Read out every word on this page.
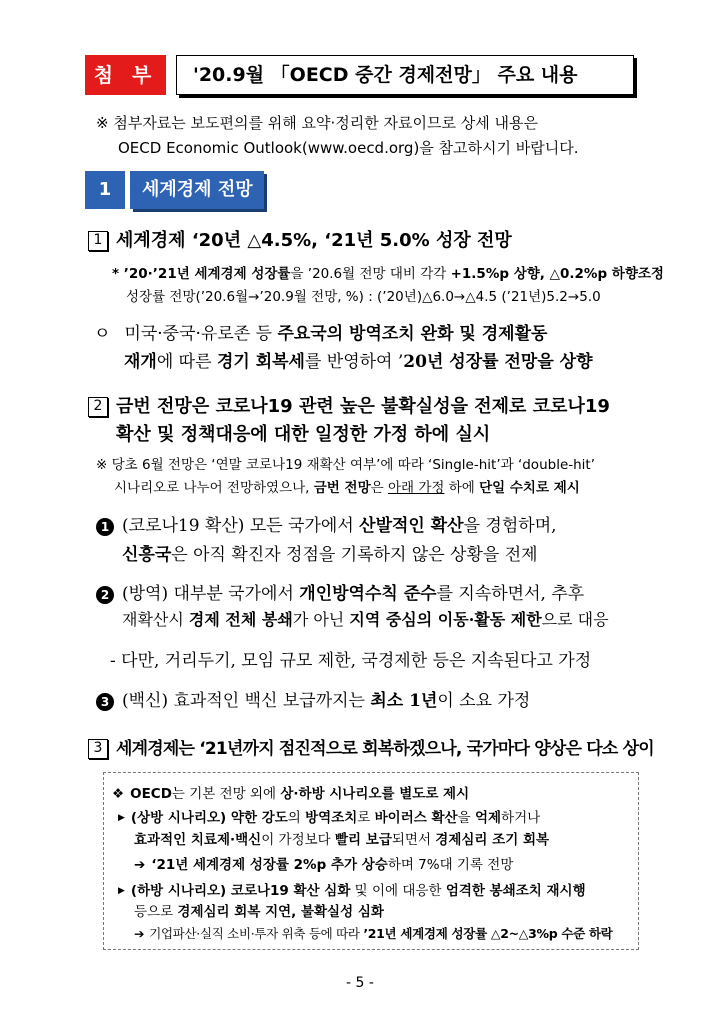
첨 부	'20.9월 「OECD 중간 경제전망」 주요 내용
※ 첨부자료는 보도편의를 위해 요약·정리한 자료이므로 상세 내용은
OECD Economic Outlook(www.oecd.org)을 참고하시기 바랍니다.
1	세계경제 전망
1 세계경제 ‘20년 △4.5%, ‘21년 5.0% 성장 전망
* ’20·’21년 세계경제 성장률을 ’20.6월 전망 대비 각각 +1.5%p 상향, △0.2%p 하향조정
성장률 전망(’20.6월→’20.9월 전망, %) : (’20년)△6.0→△4.5 (’21년)5.2→5.0
ㅇ 미국·중국·유로존 등 주요국의 방역조치 완화 및 경제활동
재개에 따른 경기 회복세를 반영하여 ’20년 성장률 전망을 상향
2 금번 전망은 코로나19 관련 높은 불확실성을 전제로 코로나19
확산 및 정책대응에 대한 일정한 가정 하에 실시
※ 당초 6월 전망은 ‘연말 코로나19 재확산 여부’에 따라 ‘Single-hit’과 ‘double-hit’
시나리오로 나누어 전망하였으나, 금번 전망은 아래 가정 하에 단일 수치로 제시
1 (코로나19 확산) 모든 국가에서 산발적인 확산을 경험하며,
신흥국은 아직 확진자 정점을 기록하지 않은 상황을 전제
2 (방역) 대부분 국가에서 개인방역수칙 준수를 지속하면서, 추후
재확산시 경제 전체 봉쇄가 아닌 지역 중심의 이동·활동 제한으로 대응
- 다만, 거리두기, 모임 규모 제한, 국경제한 등은 지속된다고 가정
3 (백신) 효과적인 백신 보급까지는 최소 1년이 소요 가정
3 세계경제는 ‘21년까지 점진적으로 회복하겠으나, 국가마다 양상은 다소 상이
❖ OECD는 기본 전망 외에 상·하방 시나리오를 별도로 제시
▶ (상방 시나리오) 약한 강도의 방역조치로 바이러스 확산을 억제하거나
효과적인 치료제·백신이 가정보다 빨리 보급되면서 경제심리 조기 회복
➔ ‘21년 세계경제 성장률 2%p 추가 상승하며 7%대 기록 전망
▶ (하방 시나리오) 코로나19 확산 심화 및 이에 대응한 엄격한 봉쇄조치 재시행
등으로 경제심리 회복 지연, 불확실성 심화
➔ 기업파산·실직 소비·투자 위축 등에 따라 ’21년 세계경제 성장률 △2~△3%p 수준 하락
- 5 -
